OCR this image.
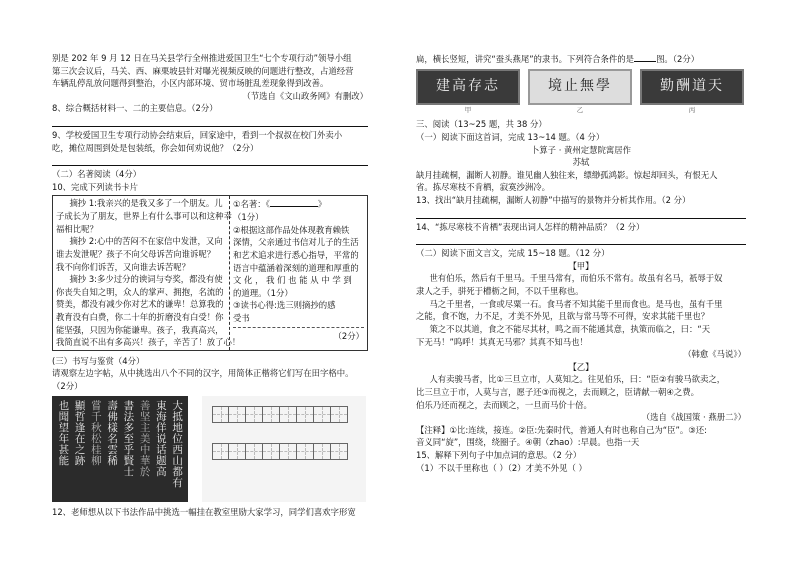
别是 202 年 9 月 12 日在马关县学行全州推进爱国卫生“七个专项行动”领导小组

第三次会议后，马关、西、麻栗坡县针对曝光视频反映的问题进行整改，占道经营

车辆乱停乱放问题得到整治，小区内部环境、贸市场脏乱差现象得到改善。

（节选自《文山政务网》有删改）

8、综合概括材料一、二的主要信息。（2分）

9、学校爱国卫生专项行动协会结束后，回家途中，看到一个叔叔在校门外卖小

吃，摊位周围到处是包装纸，你会如何劝说他？（2分）

（二）名著阅读（4分）

10、完成下列读书卡片

摘抄 1:我亲兴的是我又多了一个朋友。儿

子成长为了朋友，世界上有什么事可以和这种幸

福相比呢？

摘抄 2:心中的苦闷不在家信中发泄，又向

谁去发泄呢？孩子不向父母诉苦向谁诉呢？

我不向你们诉苦，又向谁去诉苦呢？

摘抄 3:多少过分的谀词与夸奖，都没有使

你丧失自知之明，众人的掌声、拥抱，名流的

赞美，都没有减少你对艺术的谦卑！总算我的

教育没有白费，你二十年的折磨没有白受！你

能坚强，只因为你能谦卑。孩子，我真高兴，

我简直说不出有多高兴！孩子，辛苦了！放了心！

①名著：《	》

（1分）

②根据这部作品处体现教育赖铁

深情，父亲通过书信对儿子的生活

和艺术追求进行悉心指导，平常的

语言中蕴涵着深刻的道理和厚重的

文 化 ， 我 们 也 能 从 中 学 到

的道理。（1分）

③读书心得:选三则摘抄的感

受书

（2分）

(三）书写与鉴赏（4分）

请观察左边字帖，从中挑选出八个不同的汉字，用简体正楷将它们写在田字格中。

（2分）

大抵地位西山都有
東海佯说话题高
善坚主美中華於
書法多至乎賢士
壽佛樣名雲稀
嘗千秋松桂柳
顯哲逢在之跡
也聞望年甚能

12、老师想从以下书法作品中挑选一幅挂在教室里励大家学习，同学们喜欢字形宽

扁，横长竖短，讲究“蚕头燕尾”的隶书。下列符合条件的是	图。（2分）

建高存志	境止無學	勤酬道天
甲	乙	丙

三、阅读（13~25 题，共 38 分）

（一）阅读下面这首词，完成 13~14 题。（4 分）

卜算子 · 黄州定慧院寓居作

苏轼

缺月挂疏桐，漏断人初静。谁见幽人独往来，缥缈孤鸿影。惊起却回头，有恨无人

省。拣尽寒枝不肯栖，寂寞沙洲冷。

13、找出“缺月挂疏桐，漏断人初静”中描写的景物并分析其作用。（2 分）

14、“拣尽寒枝不肯栖”表现出词人怎样的精神品质？（2 分）

（二）阅读下面文言文，完成 15~18 题。（12 分）

【甲】

世有伯乐，然后有千里马。千里马常有，而伯乐不常有。故虽有名马，祇辱于奴

隶人之手，骈死于槽枥之间，不以千里称也。

马之千里者，一食或尽粟一石。食马者不知其能千里而食也。是马也，虽有千里

之能，食不饱，力不足，才美不外见，且欲与常马等不可得，安求其能千里也？

策之不以其道，食之不能尽其材，鸣之而不能通其意，执策而临之，曰：“天

下无马！”呜呼！其真无马邪？其真不知马也！

（韩愈《马说》）

【乙】

人有卖骏马者，比①三旦立市，人莫知之。往见伯乐，曰：“臣②有骏马欲卖之，

比三旦立于市，人莫与言，愿子还③而视之，去而顾之，臣请献一朝④之费。

伯乐乃还而视之，去而顾之，一旦而马价十倍。

（选自《战国策 · 燕册二》）

【注释】①比:连续，接连。②臣:先秦时代，普通人有时也称自己为“臣”。③还:

音义同“旋”，围绕，绕圈子。④朝（zhao）:早晨。也指一天

15、解释下列句子中加点词的意思。（2 分）

（1）不以千里称也（ ）（2）才美不外见（ ）
